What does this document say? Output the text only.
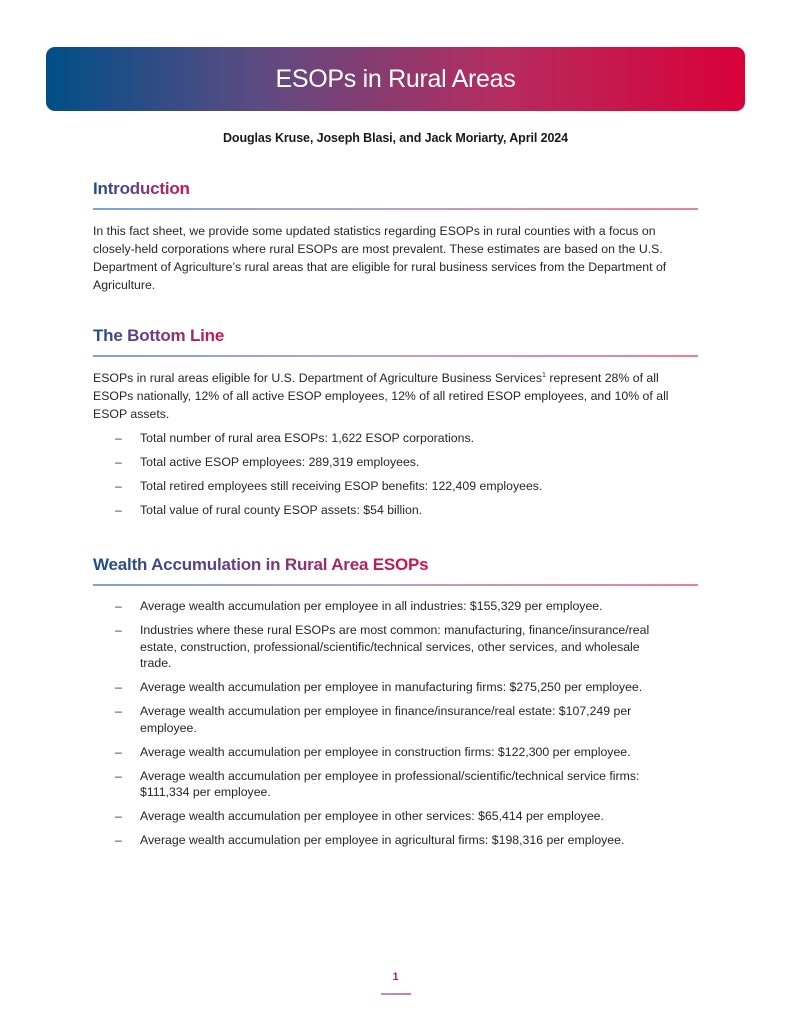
ESOPs in Rural Areas
Douglas Kruse, Joseph Blasi, and Jack Moriarty, April 2024
Introduction

In this fact sheet, we provide some updated statistics regarding ESOPs in rural counties with a focus on closely-held corporations where rural ESOPs are most prevalent. These estimates are based on the U.S. Department of Agriculture’s rural areas that are eligible for rural business services from the Department of Agriculture.

The Bottom Line

ESOPs in rural areas eligible for U.S. Department of Agriculture Business Services$^1$ represent 28% of all ESOPs nationally, 12% of all active ESOP employees, 12% of all retired ESOP employees, and 10% of all ESOP assets.

– Total number of rural area ESOPs: 1,622 ESOP corporations.
– Total active ESOP employees: 289,319 employees.
– Total retired employees still receiving ESOP benefits: 122,409 employees.
– Total value of rural county ESOP assets: $54 billion.
Wealth Accumulation in Rural Area ESOPs
– Average wealth accumulation per employee in all industries: $155,329 per employee.
– Industries where these rural ESOPs are most common: manufacturing, finance/insurance/real estate, construction, professional/scientific/technical services, other services, and wholesale trade.
– Average wealth accumulation per employee in manufacturing firms: $275,250 per employee.
– Average wealth accumulation per employee in finance/insurance/real estate: $107,249 per employee.
– Average wealth accumulation per employee in construction firms: $122,300 per employee.
– Average wealth accumulation per employee in professional/scientific/technical service firms: $111,334 per employee.
– Average wealth accumulation per employee in other services: $65,414 per employee.
– Average wealth accumulation per employee in agricultural firms: $198,316 per employee.
1
